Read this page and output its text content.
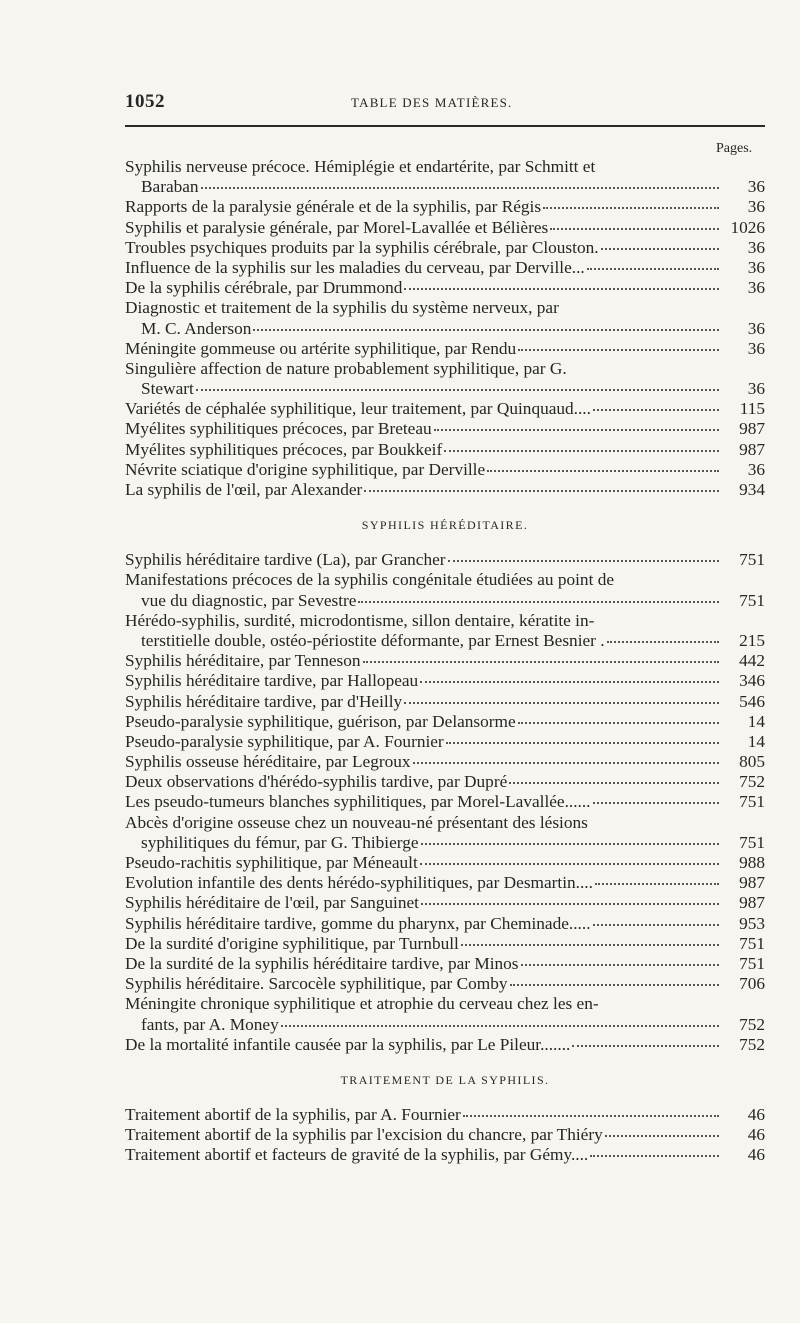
1052	TABLE DES MATIÈRES.
Pages.
Syphilis nerveuse précoce. Hémiplégie et endartérite, par Schmitt et
Baraban	36
Rapports de la paralysie générale et de la syphilis, par Régis	36
Syphilis et paralysie générale, par Morel-Lavallée et Bélières	1026
Troubles psychiques produits par la syphilis cérébrale, par Clouston.	36
Influence de la syphilis sur les maladies du cerveau, par Derville...	36
De la syphilis cérébrale, par Drummond	36
Diagnostic et traitement de la syphilis du système nerveux, par
M. C. Anderson	36
Méningite gommeuse ou artérite syphilitique, par Rendu	36
Singulière affection de nature probablement syphilitique, par G.
Stewart	36
Variétés de céphalée syphilitique, leur traitement, par Quinquaud....	115
Myélites syphilitiques précoces, par Breteau	987
Myélites syphilitiques précoces, par Boukkeif	987
Névrite sciatique d'origine syphilitique, par Derville	36
La syphilis de l'œil, par Alexander	934
SYPHILIS HÉRÉDITAIRE.
Syphilis héréditaire tardive (La), par Grancher	751
Manifestations précoces de la syphilis congénitale étudiées au point de
vue du diagnostic, par Sevestre	751
Hérédo-syphilis, surdité, microdontisme, sillon dentaire, kératite in-
terstitielle double, ostéo-périostite déformante, par Ernest Besnier .	215
Syphilis héréditaire, par Tenneson	442
Syphilis héréditaire tardive, par Hallopeau	346
Syphilis héréditaire tardive, par d'Heilly	546
Pseudo-paralysie syphilitique, guérison, par Delansorme	14
Pseudo-paralysie syphilitique, par A. Fournier	14
Syphilis osseuse héréditaire, par Legroux	805
Deux observations d'hérédo-syphilis tardive, par Dupré	752
Les pseudo-tumeurs blanches syphilitiques, par Morel-Lavallée......	751
Abcès d'origine osseuse chez un nouveau-né présentant des lésions
syphilitiques du fémur, par G. Thibierge	751
Pseudo-rachitis syphilitique, par Méneault	988
Evolution infantile des dents hérédo-syphilitiques, par Desmartin....	987
Syphilis héréditaire de l'œil, par Sanguinet	987
Syphilis héréditaire tardive, gomme du pharynx, par Cheminade.....	953
De la surdité d'origine syphilitique, par Turnbull	751
De la surdité de la syphilis héréditaire tardive, par Minos	751
Syphilis héréditaire. Sarcocèle syphilitique, par Comby	706
Méningite chronique syphilitique et atrophie du cerveau chez les en-
fants, par A. Money	752
De la mortalité infantile causée par la syphilis, par Le Pileur.......	752
TRAITEMENT DE LA SYPHILIS.
Traitement abortif de la syphilis, par A. Fournier	46
Traitement abortif de la syphilis par l'excision du chancre, par Thiéry	46
Traitement abortif et facteurs de gravité de la syphilis, par Gémy....	46
